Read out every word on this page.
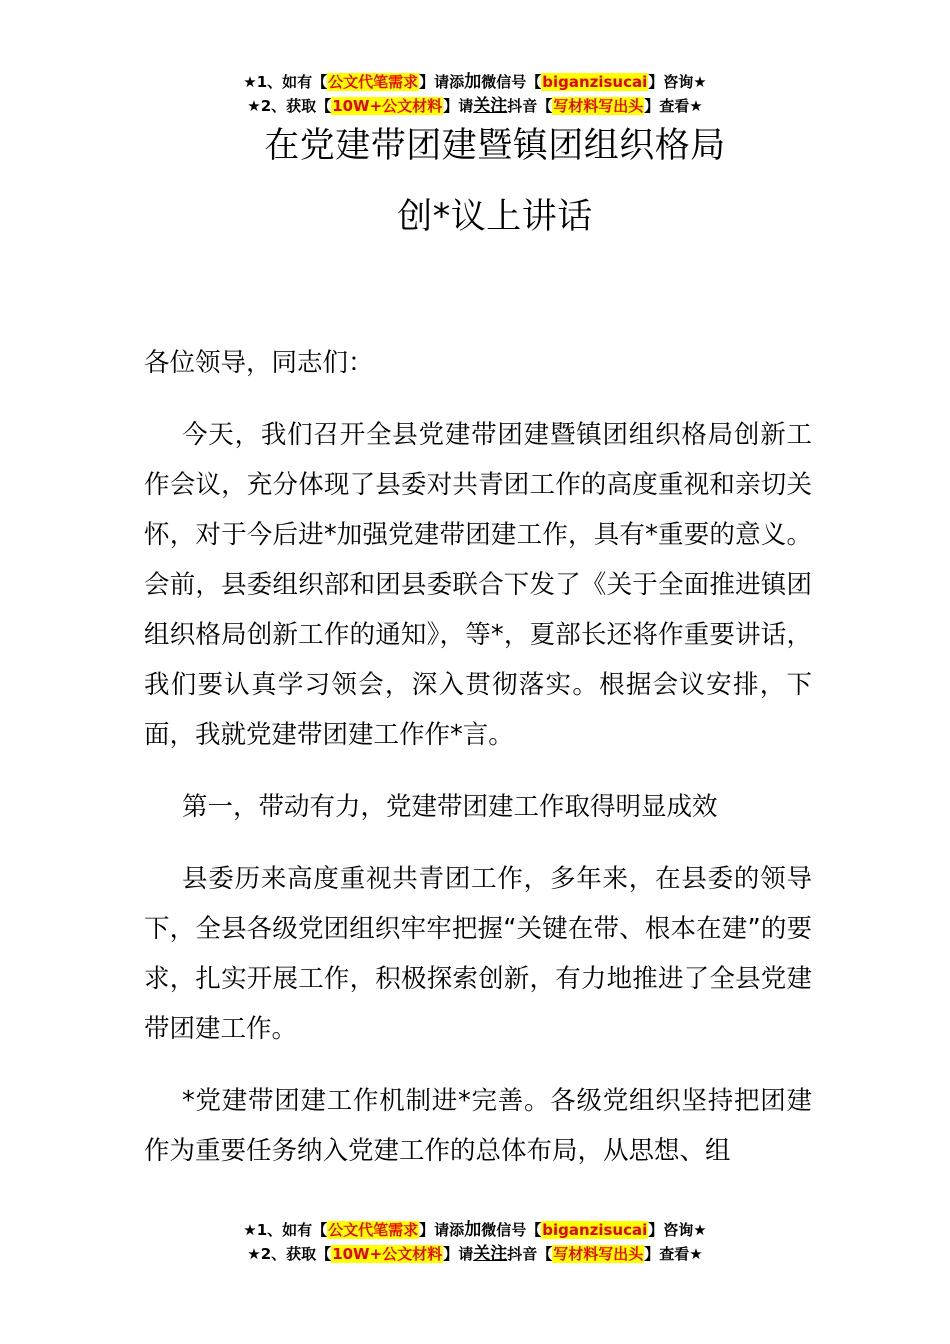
★1、如有【公文代笔需求】请添加微信号【biganzisucai】咨询★
★2、获取【10W+公文材料】请关注抖音【写材料写出头】查看★
在党建带团建暨镇团组织格局
创*议上讲话

各位领导，同志们：

今天，我们召开全县党建带团建暨镇团组织格局创新工作会议，充分体现了县委对共青团工作的高度重视和亲切关怀，对于今后进*加强党建带团建工作，具有*重要的意义。会前，县委组织部和团县委联合下发了《关于全面推进镇团组织格局创新工作的通知》，等*，夏部长还将作重要讲话，我们要认真学习领会，深入贯彻落实。根据会议安排，下面，我就党建带团建工作作*言。

第一，带动有力，党建带团建工作取得明显成效

县委历来高度重视共青团工作，多年来，在县委的领导下，全县各级党团组织牢牢把握“关键在带、根本在建”的要求，扎实开展工作，积极探索创新，有力地推进了全县党建带团建工作。

*党建带团建工作机制进*完善。各级党组织坚持把团建作为重要任务纳入党建工作的总体布局，从思想、组

★1、如有【公文代笔需求】请添加微信号【biganzisucai】咨询★
★2、获取【10W+公文材料】请关注抖音【写材料写出头】查看★
